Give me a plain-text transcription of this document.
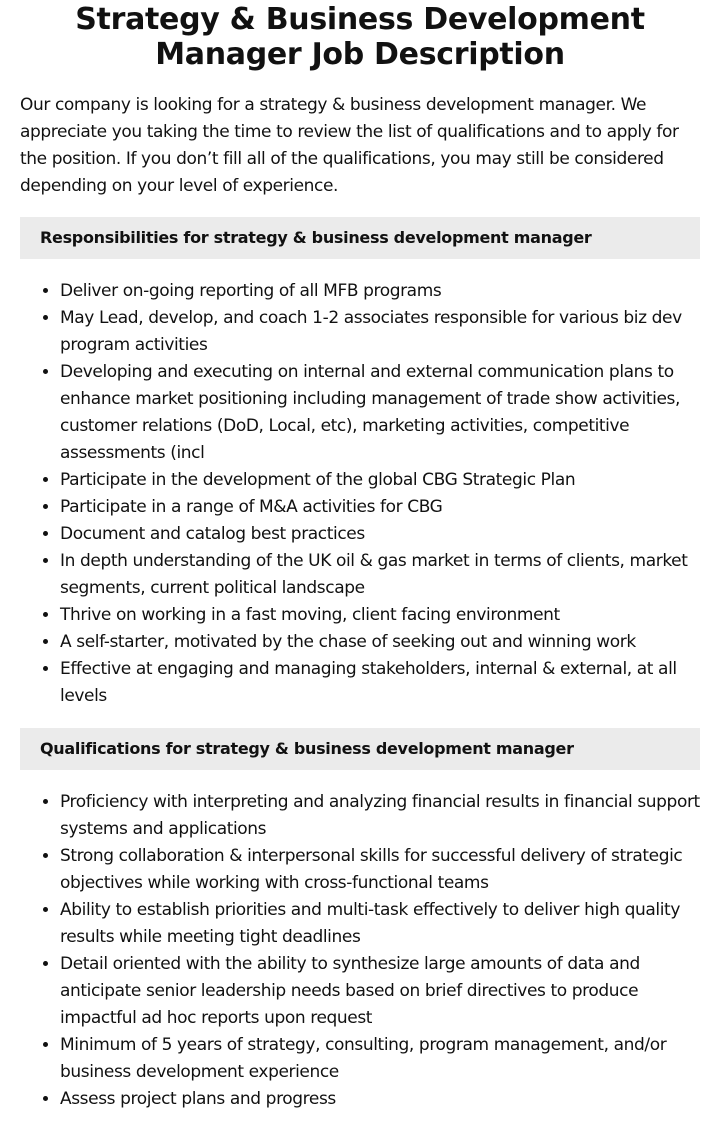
Strategy & Business Development Manager Job Description

Our company is looking for a strategy & business development manager. We appreciate you taking the time to review the list of qualifications and to apply for the position. If you don’t fill all of the qualifications, you may still be considered depending on your level of experience.

Responsibilities for strategy & business development manager
• Deliver on-going reporting of all MFB programs
• May Lead, develop, and coach 1-2 associates responsible for various biz dev program activities
• Developing and executing on internal and external communication plans to enhance market positioning including management of trade show activities, customer relations (DoD, Local, etc), marketing activities, competitive assessments (incl
• Participate in the development of the global CBG Strategic Plan
• Participate in a range of M&A activities for CBG
• Document and catalog best practices
• In depth understanding of the UK oil & gas market in terms of clients, market segments, current political landscape
• Thrive on working in a fast moving, client facing environment
• A self-starter, motivated by the chase of seeking out and winning work
• Effective at engaging and managing stakeholders, internal & external, at all levels
Qualifications for strategy & business development manager
• Proficiency with interpreting and analyzing financial results in financial support systems and applications
• Strong collaboration & interpersonal skills for successful delivery of strategic objectives while working with cross-functional teams
• Ability to establish priorities and multi-task effectively to deliver high quality results while meeting tight deadlines
• Detail oriented with the ability to synthesize large amounts of data and anticipate senior leadership needs based on brief directives to produce impactful ad hoc reports upon request
• Minimum of 5 years of strategy, consulting, program management, and/or business development experience
• Assess project plans and progress
